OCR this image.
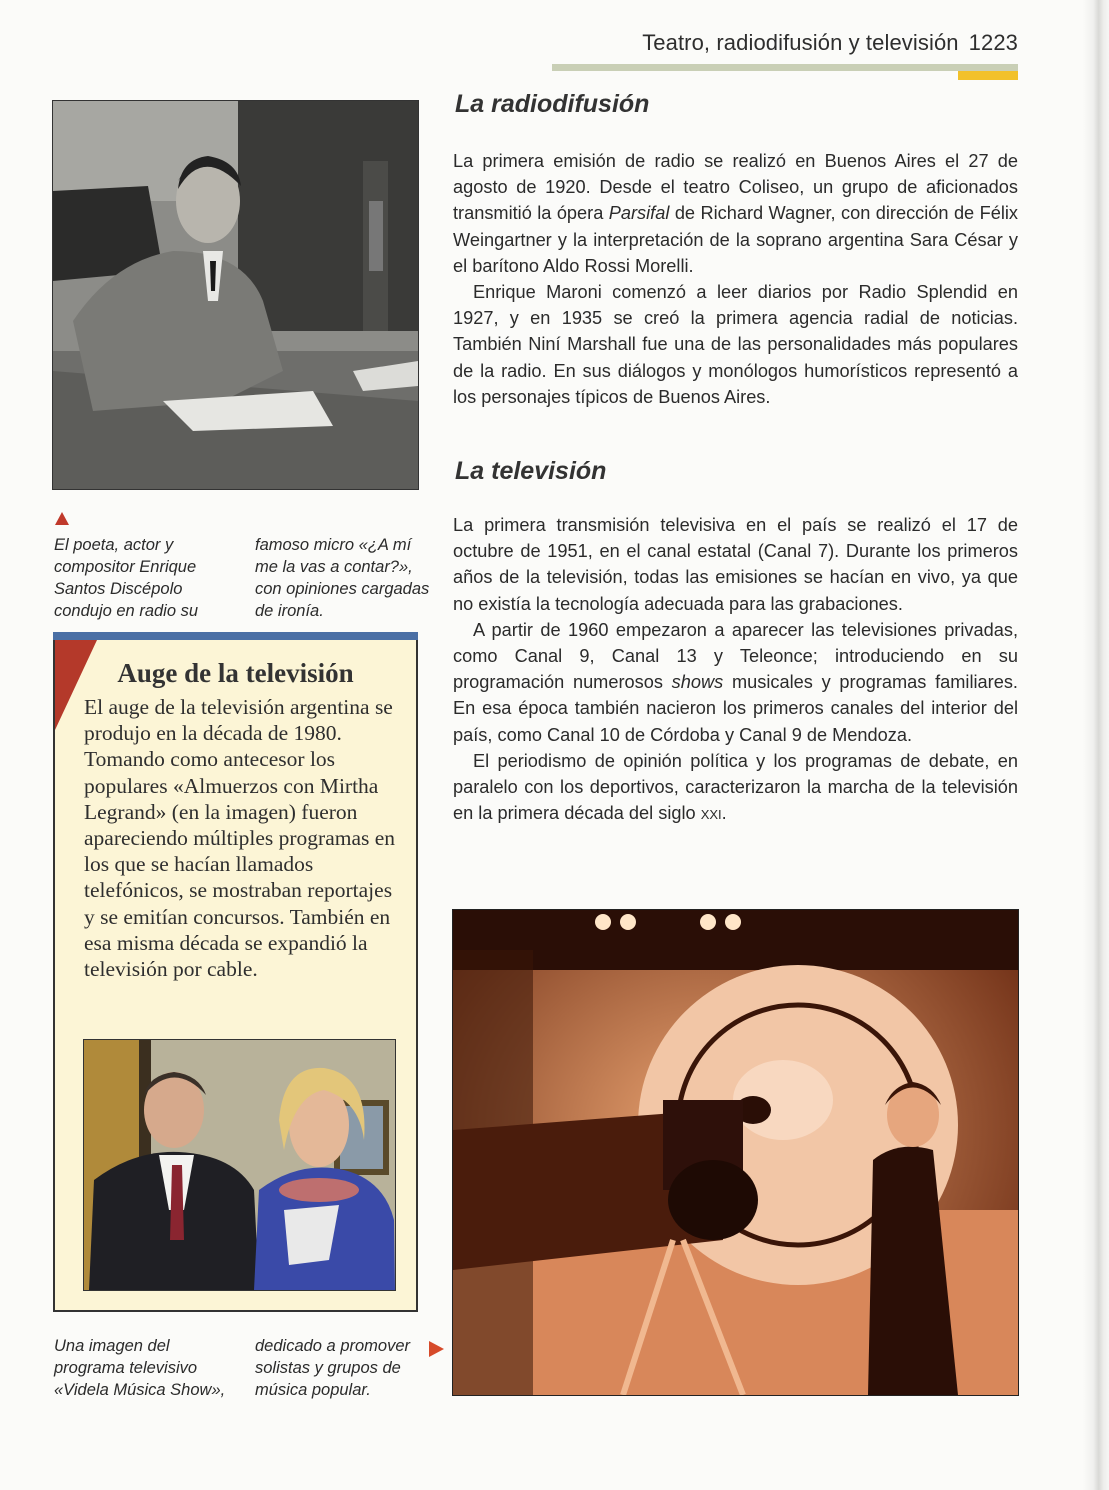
Teatro, radiodifusión y televisión 1223
El poeta, actor y compositor Enrique Santos Discépolo condujo en radio su
famoso micro «¿A mí me la vas a contar?», con opiniones cargadas de ironía.
Auge de la televisión
El auge de la televisión argentina se produjo en la década de 1980. Tomando como antecesor los populares «Almuerzos con Mirtha Legrand» (en la imagen) fueron apareciendo múltiples programas en los que se hacían llamados telefónicos, se mostraban reportajes y se emitían concursos. También en esa misma década se expandió la televisión por cable.
Una imagen del programa televisivo «Videla Música Show»,
dedicado a promover solistas y grupos de música popular.
La radiodifusión

La primera emisión de radio se realizó en Buenos Aires el 27 de agosto de 1920. Desde el teatro Coliseo, un grupo de aficionados transmitió la ópera Parsifal de Richard Wagner, con dirección de Félix Weingartner y la interpretación de la soprano argentina Sara César y el barítono Aldo Rossi Morelli.

Enrique Maroni comenzó a leer diarios por Radio Splendid en 1927, y en 1935 se creó la primera agencia radial de noticias. También Niní Marshall fue una de las personalidades más populares de la radio. En sus diálogos y monólogos humorísticos representó a los personajes típicos de Buenos Aires.

La televisión

La primera transmisión televisiva en el país se realizó el 17 de octubre de 1951, en el canal estatal (Canal 7). Durante los primeros años de la televisión, todas las emisiones se hacían en vivo, ya que no existía la tecnología adecuada para las grabaciones.

A partir de 1960 empezaron a aparecer las televisiones privadas, como Canal 9, Canal 13 y Teleonce; introduciendo en su programación numerosos shows musicales y programas familiares. En esa época también nacieron los primeros canales del interior del país, como Canal 10 de Córdoba y Canal 9 de Mendoza.

El periodismo de opinión política y los programas de debate, en paralelo con los deportivos, caracterizaron la marcha de la televisión en la primera década del siglo xxi.
